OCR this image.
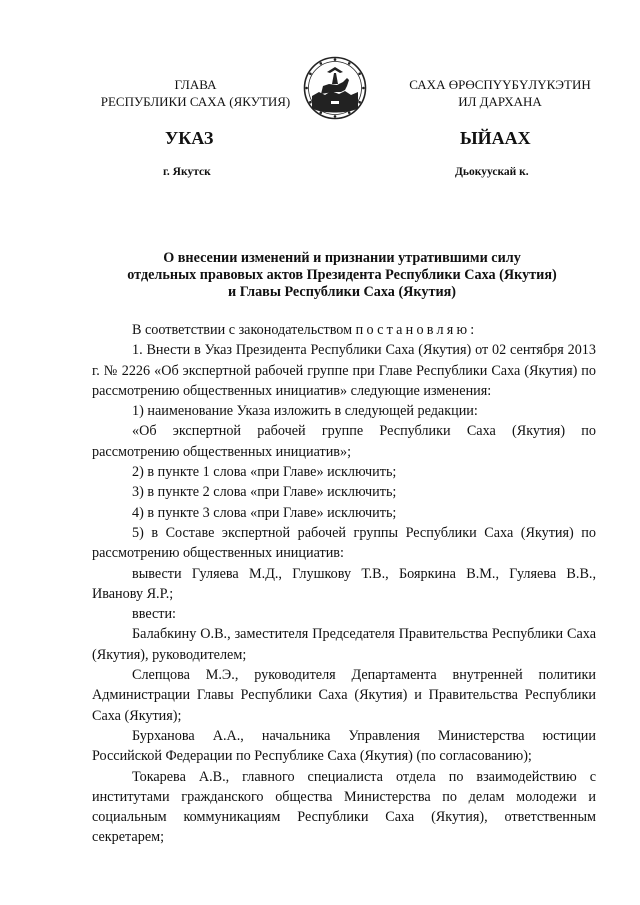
ГЛАВА
РЕСПУБЛИКИ САХА (ЯКУТИЯ)
САХА ӨРӨСПҮҮБҮЛҮКЭТИН
ИЛ ДАРХАНА
УКАЗ	ЫЙААХ
г. Якутск	Дьокуускай к.
О внесении изменений и признании утратившими силу
отдельных правовых актов Президента Республики Саха (Якутия)
и Главы Республики Саха (Якутия)

В соответствии с законодательством постановляю:

1. Внести в Указ Президента Республики Саха (Якутия) от 02 сентября 2013 г. № 2226 «Об экспертной рабочей группе при Главе Республики Саха (Якутия) по рассмотрению общественных инициатив» следующие изменения:

1) наименование Указа изложить в следующей редакции:

«Об экспертной рабочей группе Республики Саха (Якутия) по рассмотрению общественных инициатив»;

2) в пункте 1 слова «при Главе» исключить;

3) в пункте 2 слова «при Главе» исключить;

4) в пункте 3 слова «при Главе» исключить;

5) в Составе экспертной рабочей группы Республики Саха (Якутия) по рассмотрению общественных инициатив:

вывести Гуляева М.Д., Глушкову Т.В., Бояркина В.М., Гуляева В.В., Иванову Я.Р.;

ввести:

Балабкину О.В., заместителя Председателя Правительства Республики Саха (Якутия), руководителем;

Слепцова М.Э., руководителя Департамента внутренней политики Администрации Главы Республики Саха (Якутия) и Правительства Республики Саха (Якутия);

Бурханова А.А., начальника Управления Министерства юстиции Российской Федерации по Республике Саха (Якутия) (по согласованию);

Токарева А.В., главного специалиста отдела по взаимодействию с институтами гражданского общества Министерства по делам молодежи и социальным коммуникациям Республики Саха (Якутия), ответственным секретарем;
